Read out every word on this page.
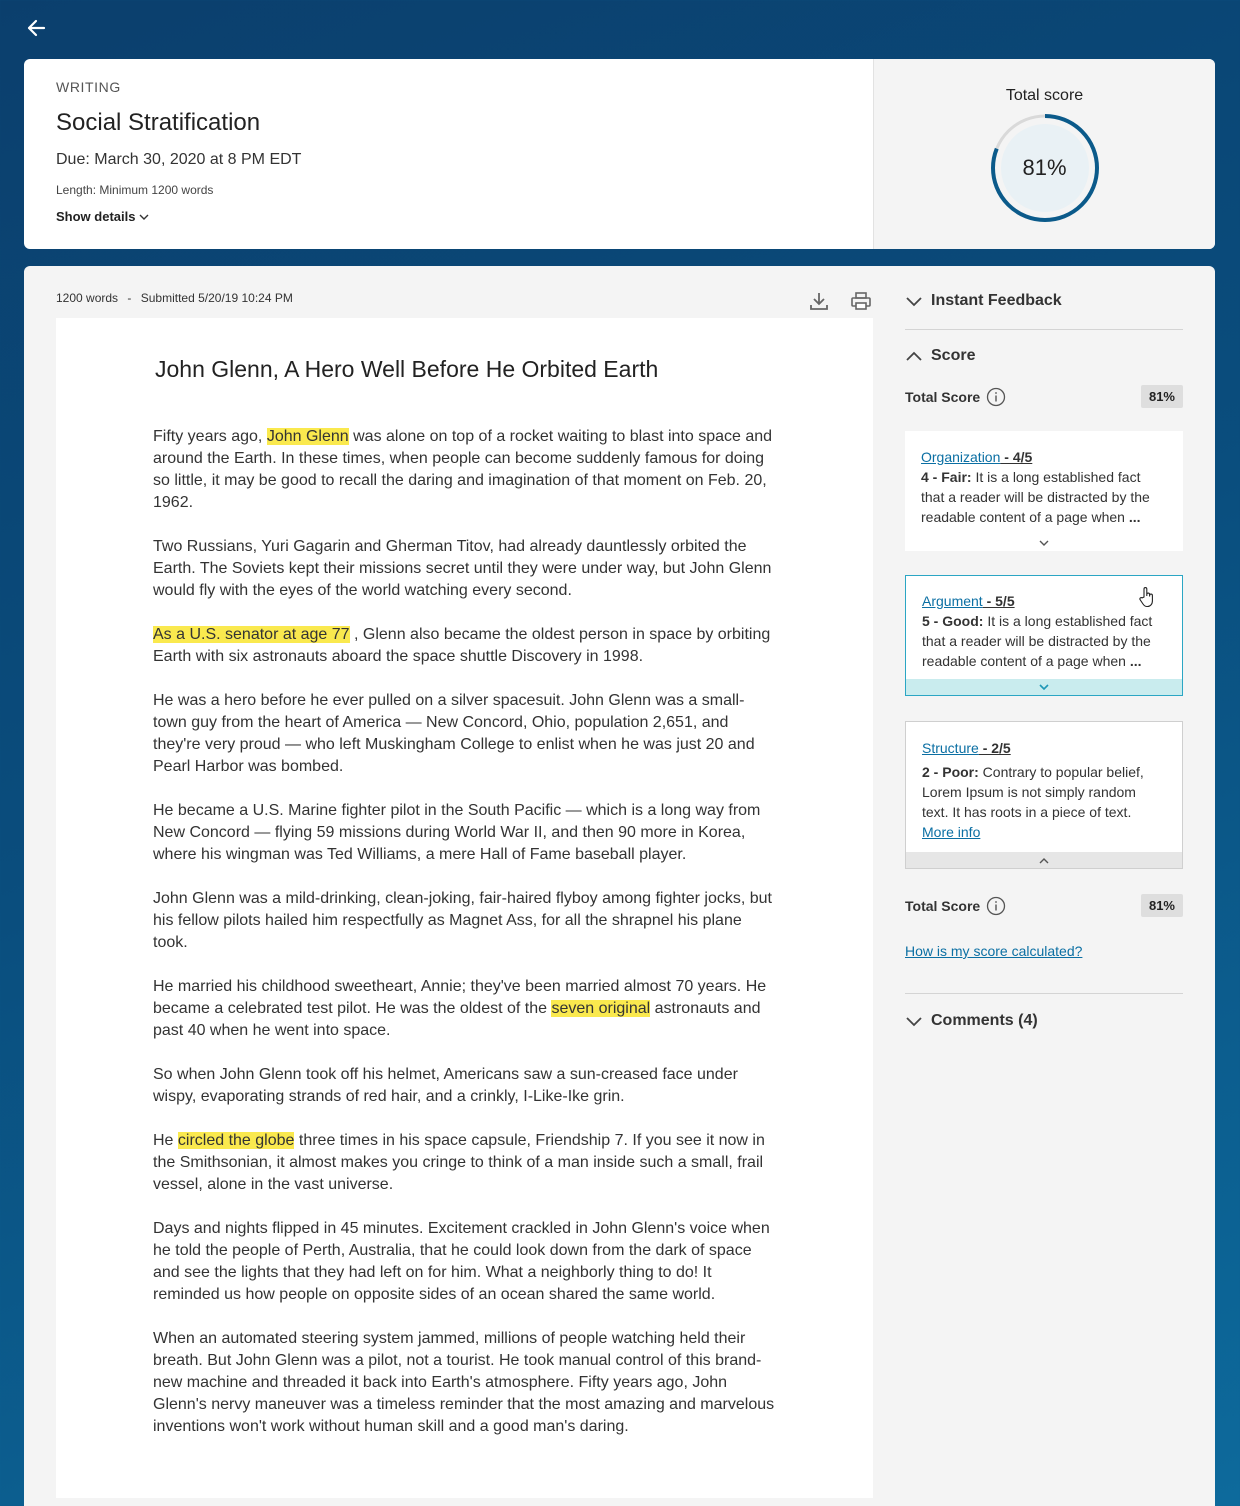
WRITING
Social Stratification
Due: March 30, 2020 at 8 PM EDT
Length: Minimum 1200 words
Show details
Total score
81%
1200 words - Submitted 5/20/19 10:24 PM
John Glenn, A Hero Well Before He Orbited Earth
Fifty years ago, John Glenn was alone on top of a rocket waiting to blast into space and around the Earth. In these times, when people can become suddenly famous for doing so little, it may be good to recall the daring and imagination of that moment on Feb. 20, 1962.
Two Russians, Yuri Gagarin and Gherman Titov, had already dauntlessly orbited the Earth. The Soviets kept their missions secret until they were under way, but John Glenn would fly with the eyes of the world watching every second.
As a U.S. senator at age 77 , Glenn also became the oldest person in space by orbiting Earth with six astronauts aboard the space shuttle Discovery in 1998.
He was a hero before he ever pulled on a silver spacesuit. John Glenn was a small-town guy from the heart of America — New Concord, Ohio, population 2,651, and they're very proud — who left Muskingham College to enlist when he was just 20 and Pearl Harbor was bombed.
He became a U.S. Marine fighter pilot in the South Pacific — which is a long way from New Concord — flying 59 missions during World War II, and then 90 more in Korea, where his wingman was Ted Williams, a mere Hall of Fame baseball player.
John Glenn was a mild-drinking, clean-joking, fair-haired flyboy among fighter jocks, but his fellow pilots hailed him respectfully as Magnet Ass, for all the shrapnel his plane took.
He married his childhood sweetheart, Annie; they've been married almost 70 years. He became a celebrated test pilot. He was the oldest of the seven original astronauts and past 40 when he went into space.
So when John Glenn took off his helmet, Americans saw a sun-creased face under wispy, evaporating strands of red hair, and a crinkly, I-Like-Ike grin.
He circled the globe three times in his space capsule, Friendship 7. If you see it now in the Smithsonian, it almost makes you cringe to think of a man inside such a small, frail vessel, alone in the vast universe.
Days and nights flipped in 45 minutes. Excitement crackled in John Glenn's voice when he told the people of Perth, Australia, that he could look down from the dark of space and see the lights that they had left on for him. What a neighborly thing to do! It reminded us how people on opposite sides of an ocean shared the same world.
When an automated steering system jammed, millions of people watching held their breath. But John Glenn was a pilot, not a tourist. He took manual control of this brand-new machine and threaded it back into Earth's atmosphere. Fifty years ago, John Glenn's nervy maneuver was a timeless reminder that the most amazing and marvelous inventions won't work without human skill and a good man's daring.
Instant Feedback
Score
Total Score	81%
Organization - 4/5
4 - Fair: It is a long established fact that a reader will be distracted by the readable content of a page when ...
Argument - 5/5
5 - Good: It is a long established fact that a reader will be distracted by the readable content of a page when ...
Structure - 2/5
2 - Poor: Contrary to popular belief, Lorem Ipsum is not simply random text. It has roots in a piece of text.
More info
Total Score	81%
How is my score calculated?
Comments (4)
